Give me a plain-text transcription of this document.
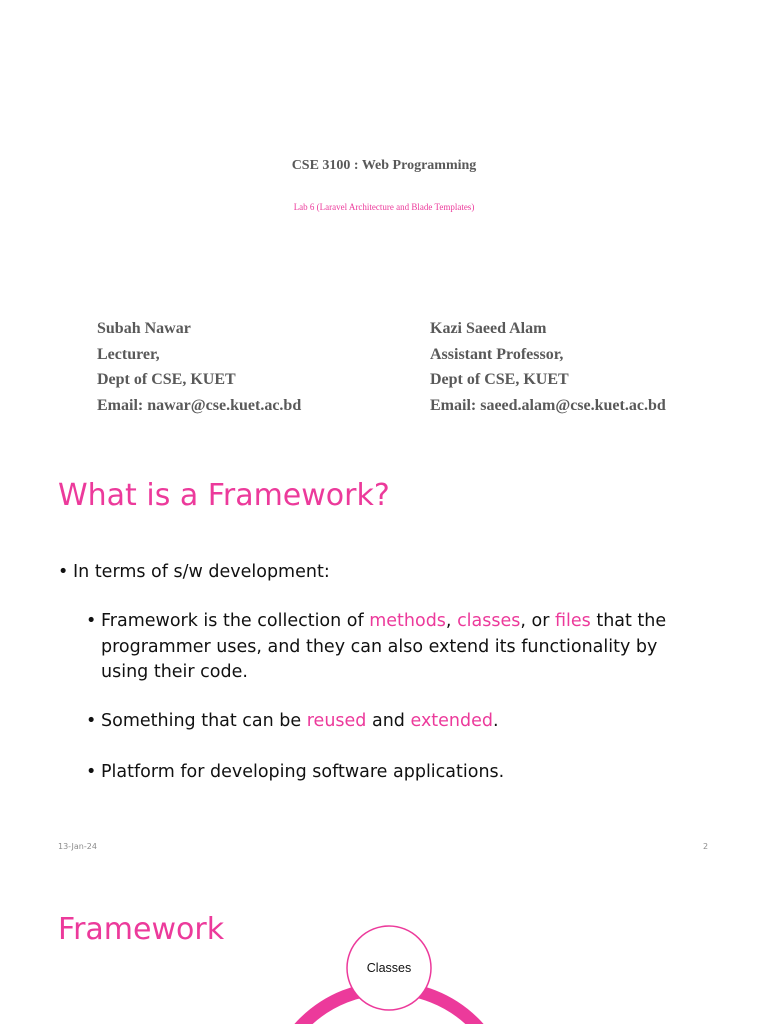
CSE 3100 : Web Programming
Lab 6 (Laravel Architecture and Blade Templates)
Subah Nawar
Lecturer,
Dept of CSE, KUET
Email: nawar@cse.kuet.ac.bd
Kazi Saeed Alam
Assistant Professor,
Dept of CSE, KUET
Email: saeed.alam@cse.kuet.ac.bd
What is a Framework?
• In terms of s/w development:
• Framework is the collection of methods, classes, or files that the programmer uses, and they can also extend its functionality by using their code.
• Something that can be reused and extended.
• Platform for developing software applications.
13-Jan-24	2
Framework
Classes
